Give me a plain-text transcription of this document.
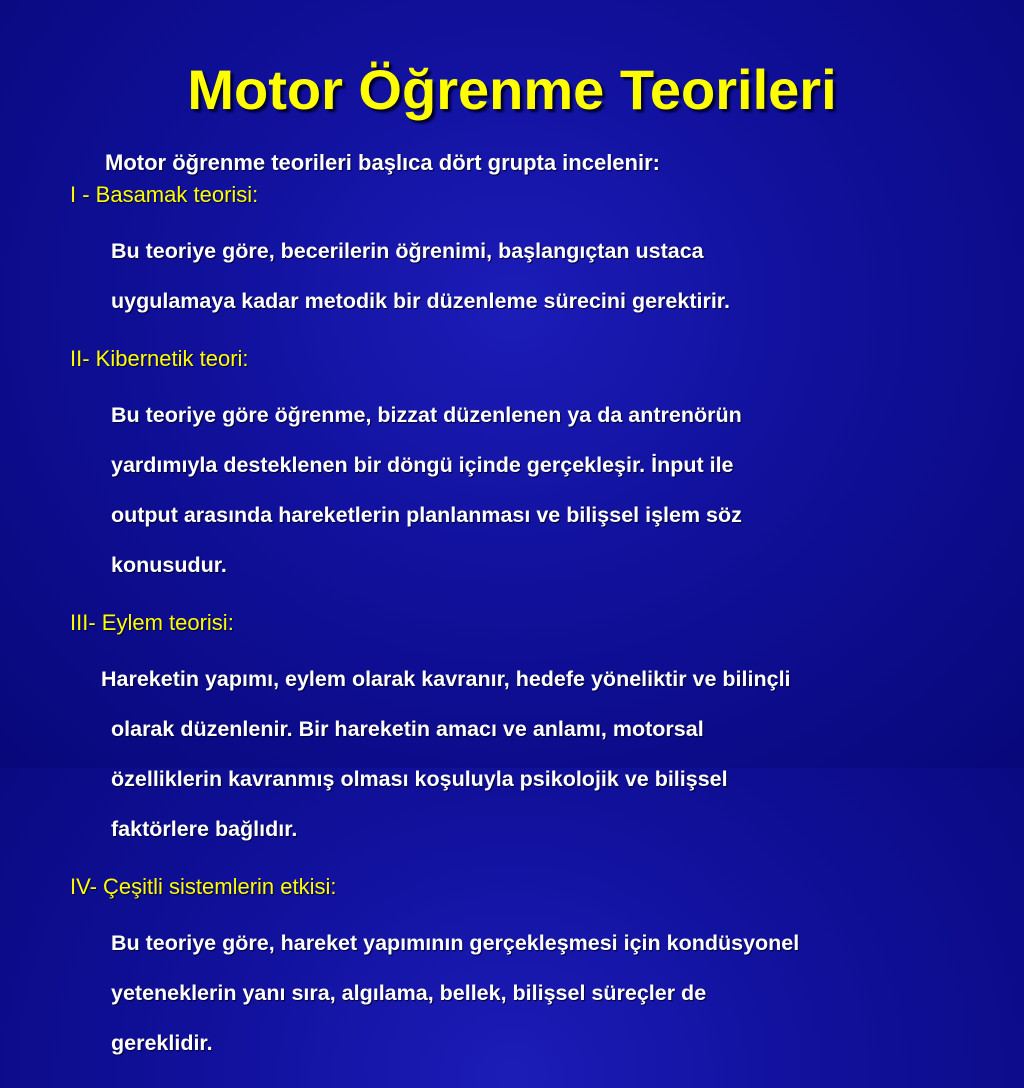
Motor Öğrenme Teorileri

Motor öğrenme teorileri başlıca dört grupta incelenir:

I - Basamak teorisi:

Bu teoriye göre, becerilerin öğrenimi, başlangıçtan ustaca

uygulamaya kadar metodik bir düzenleme sürecini gerektirir.

II- Kibernetik teori:

Bu teoriye göre öğrenme, bizzat düzenlenen ya da antrenörün

yardımıyla desteklenen bir döngü içinde gerçekleşir. İnput ile

output arasında hareketlerin planlanması ve bilişsel işlem söz

konusudur.

III- Eylem teorisi:

Hareketin yapımı, eylem olarak kavranır, hedefe yöneliktir ve bilinçli

olarak düzenlenir. Bir hareketin amacı ve anlamı, motorsal

özelliklerin kavranmış olması koşuluyla psikolojik ve bilişsel

faktörlere bağlıdır.

IV- Çeşitli sistemlerin etkisi:

Bu teoriye göre, hareket yapımının gerçekleşmesi için kondüsyonel

yeteneklerin yanı sıra, algılama, bellek, bilişsel süreçler de

gereklidir.
